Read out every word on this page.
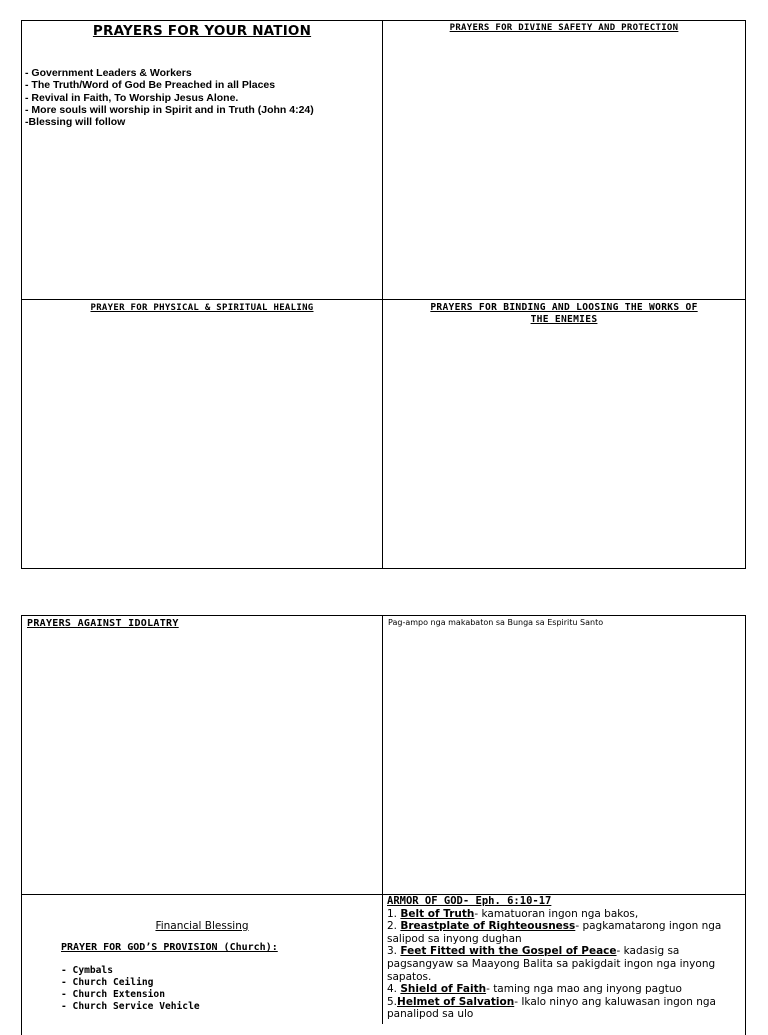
PRAYERS FOR YOUR NATION
- Government Leaders & Workers
- The Truth/Word of God Be Preached in all Places
- Revival in Faith, To Worship Jesus Alone.
- More souls will worship in Spirit and in Truth (John 4:24)
-Blessing will follow
PRAYERS FOR DIVINE SAFETY AND PROTECTION
PRAYER FOR PHYSICAL & SPIRITUAL HEALING	PRAYERS FOR BINDING AND LOOSING THE WORKS OF
THE ENEMIES
PRAYERS AGAINST IDOLATRY	Pag-ampo nga makabaton sa Bunga sa Espiritu Santo
Financial Blessing
PRAYER FOR GOD’S PROVISION (Church):
- Cymbals
- Church Ceiling
- Church Extension
- Church Service Vehicle
ARMOR OF GOD- Eph. 6:10-17
1. Belt of Truth- kamatuoran ingon nga bakos,
2. Breastplate of Righteousness- pagkamatarong ingon nga salipod sa inyong dughan
3. Feet Fitted with the Gospel of Peace- kadasig sa pagsangyaw sa Maayong Balita sa pakigdait ingon nga inyong sapatos.
4. Shield of Faith- taming nga mao ang inyong pagtuo
5.Helmet of Salvation- Ikalo ninyo ang kaluwasan ingon nga panalipod sa ulo
